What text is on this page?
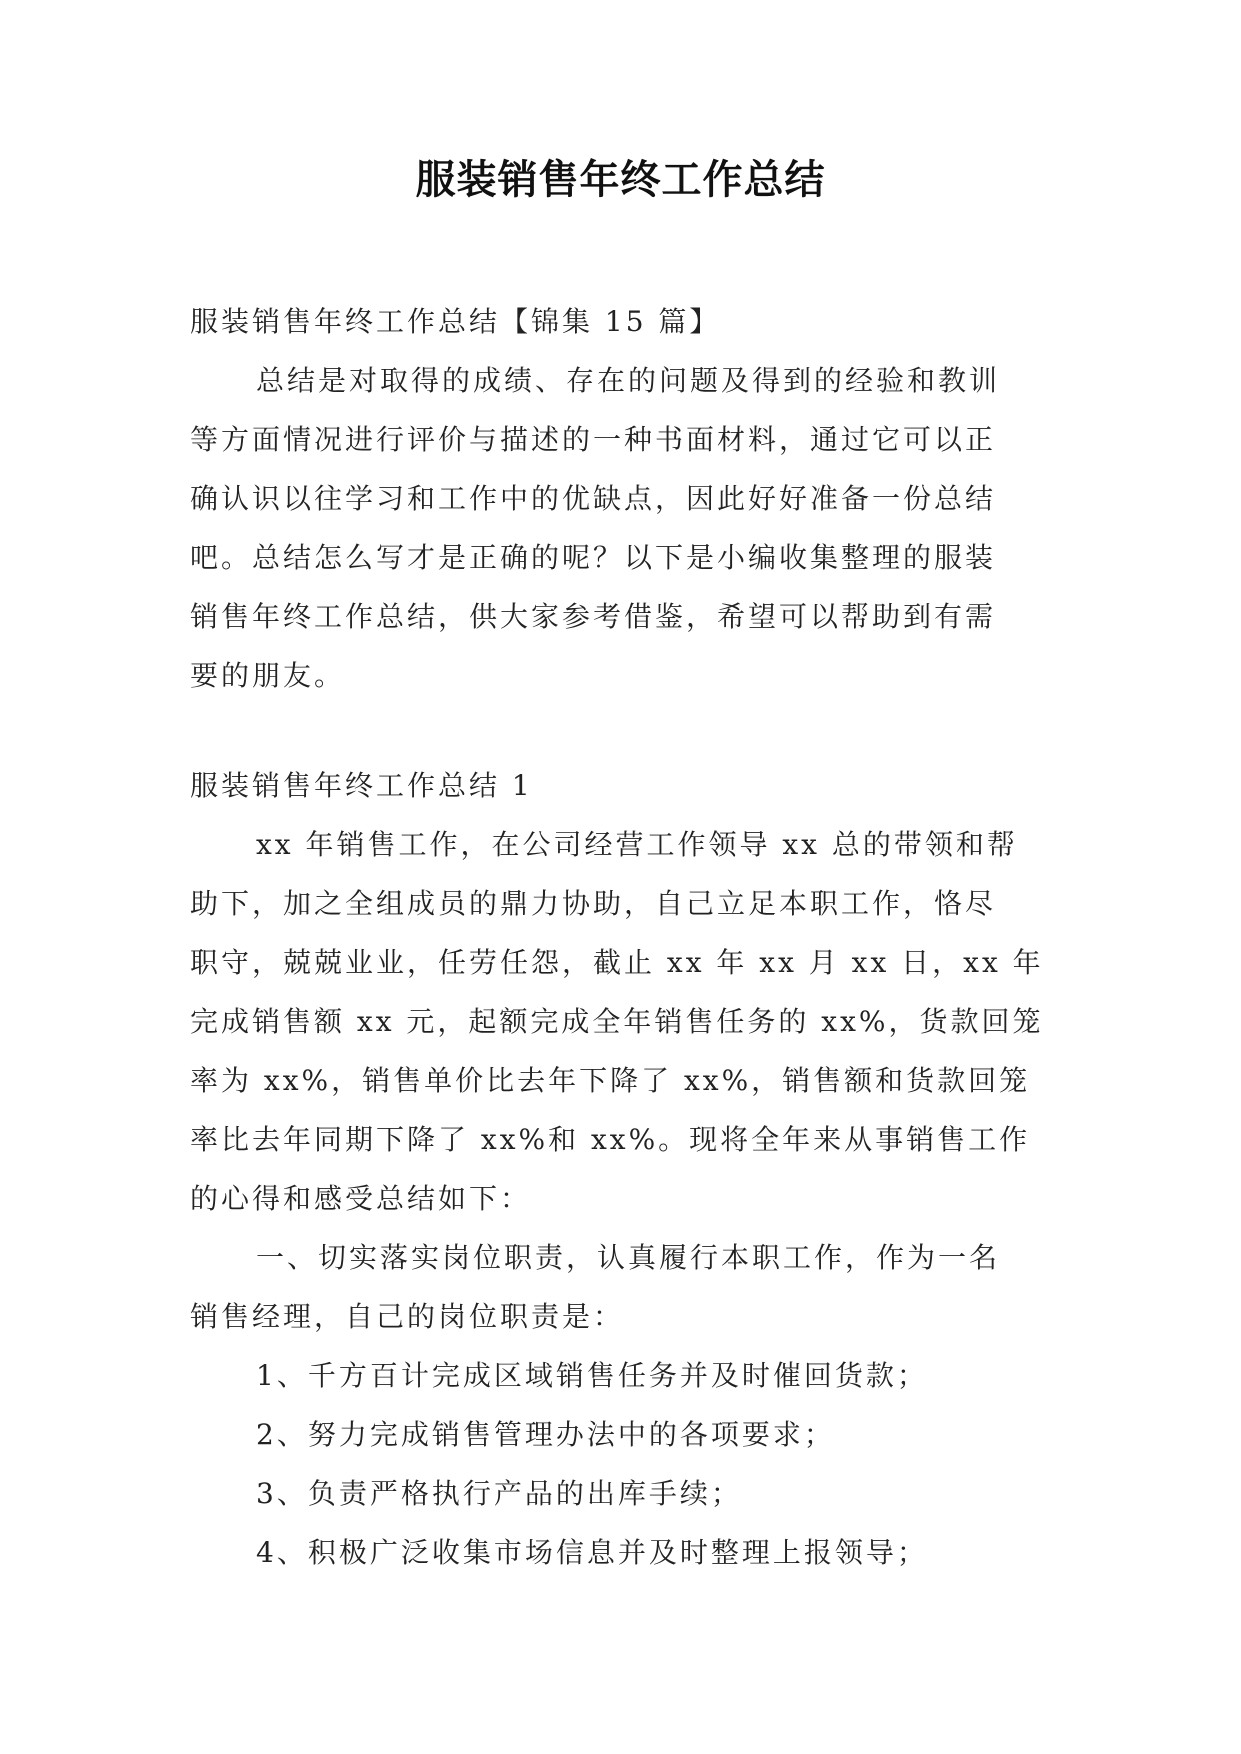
服装销售年终工作总结

服装销售年终工作总结【锦集 15 篇】

总结是对取得的成绩、存在的问题及得到的经验和教训

等方面情况进行评价与描述的一种书面材料，通过它可以正

确认识以往学习和工作中的优缺点，因此好好准备一份总结

吧。总结怎么写才是正确的呢？以下是小编收集整理的服装

销售年终工作总结，供大家参考借鉴，希望可以帮助到有需

要的朋友。

服装销售年终工作总结 1

xx 年销售工作，在公司经营工作领导 xx 总的带领和帮

助下，加之全组成员的鼎力协助，自己立足本职工作，恪尽

职守，兢兢业业，任劳任怨，截止 xx 年 xx 月 xx 日，xx 年

完成销售额 xx 元，起额完成全年销售任务的 xx%，货款回笼

率为 xx%，销售单价比去年下降了 xx%，销售额和货款回笼

率比去年同期下降了 xx%和 xx%。现将全年来从事销售工作

的心得和感受总结如下：

一、切实落实岗位职责，认真履行本职工作，作为一名

销售经理，自己的岗位职责是：

1、千方百计完成区域销售任务并及时催回货款；

2、努力完成销售管理办法中的各项要求；

3、负责严格执行产品的出库手续；

4、积极广泛收集市场信息并及时整理上报领导；
